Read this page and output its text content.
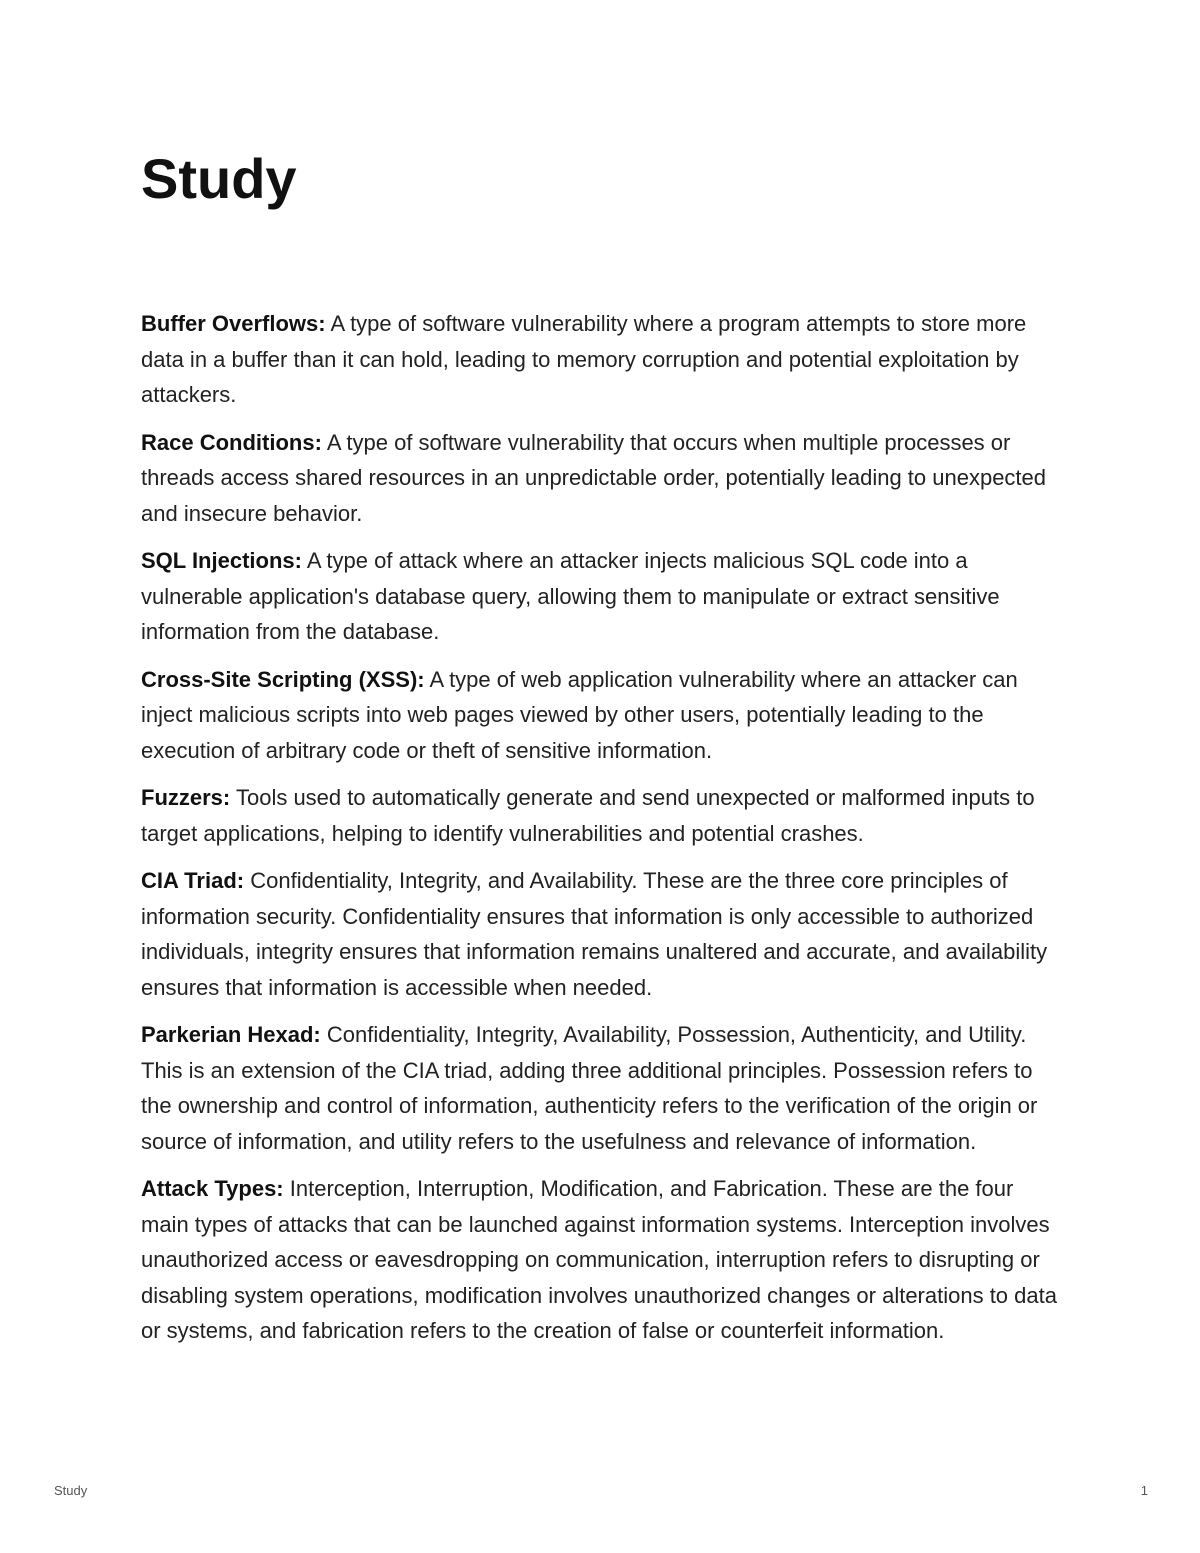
Study

Buffer Overflows: A type of software vulnerability where a program attempts to store more data in a buffer than it can hold, leading to memory corruption and potential exploitation by attackers.

Race Conditions: A type of software vulnerability that occurs when multiple processes or threads access shared resources in an unpredictable order, potentially leading to unexpected and insecure behavior.

SQL Injections: A type of attack where an attacker injects malicious SQL code into a vulnerable application's database query, allowing them to manipulate or extract sensitive information from the database.

Cross-Site Scripting (XSS): A type of web application vulnerability where an attacker can inject malicious scripts into web pages viewed by other users, potentially leading to the execution of arbitrary code or theft of sensitive information.

Fuzzers: Tools used to automatically generate and send unexpected or malformed inputs to target applications, helping to identify vulnerabilities and potential crashes.

CIA Triad: Confidentiality, Integrity, and Availability. These are the three core principles of information security. Confidentiality ensures that information is only accessible to authorized individuals, integrity ensures that information remains unaltered and accurate, and availability ensures that information is accessible when needed.

Parkerian Hexad: Confidentiality, Integrity, Availability, Possession, Authenticity, and Utility. This is an extension of the CIA triad, adding three additional principles. Possession refers to the ownership and control of information, authenticity refers to the verification of the origin or source of information, and utility refers to the usefulness and relevance of information.

Attack Types: Interception, Interruption, Modification, and Fabrication. These are the four main types of attacks that can be launched against information systems. Interception involves unauthorized access or eavesdropping on communication, interruption refers to disrupting or disabling system operations, modification involves unauthorized changes or alterations to data or systems, and fabrication refers to the creation of false or counterfeit information.

Study	1
